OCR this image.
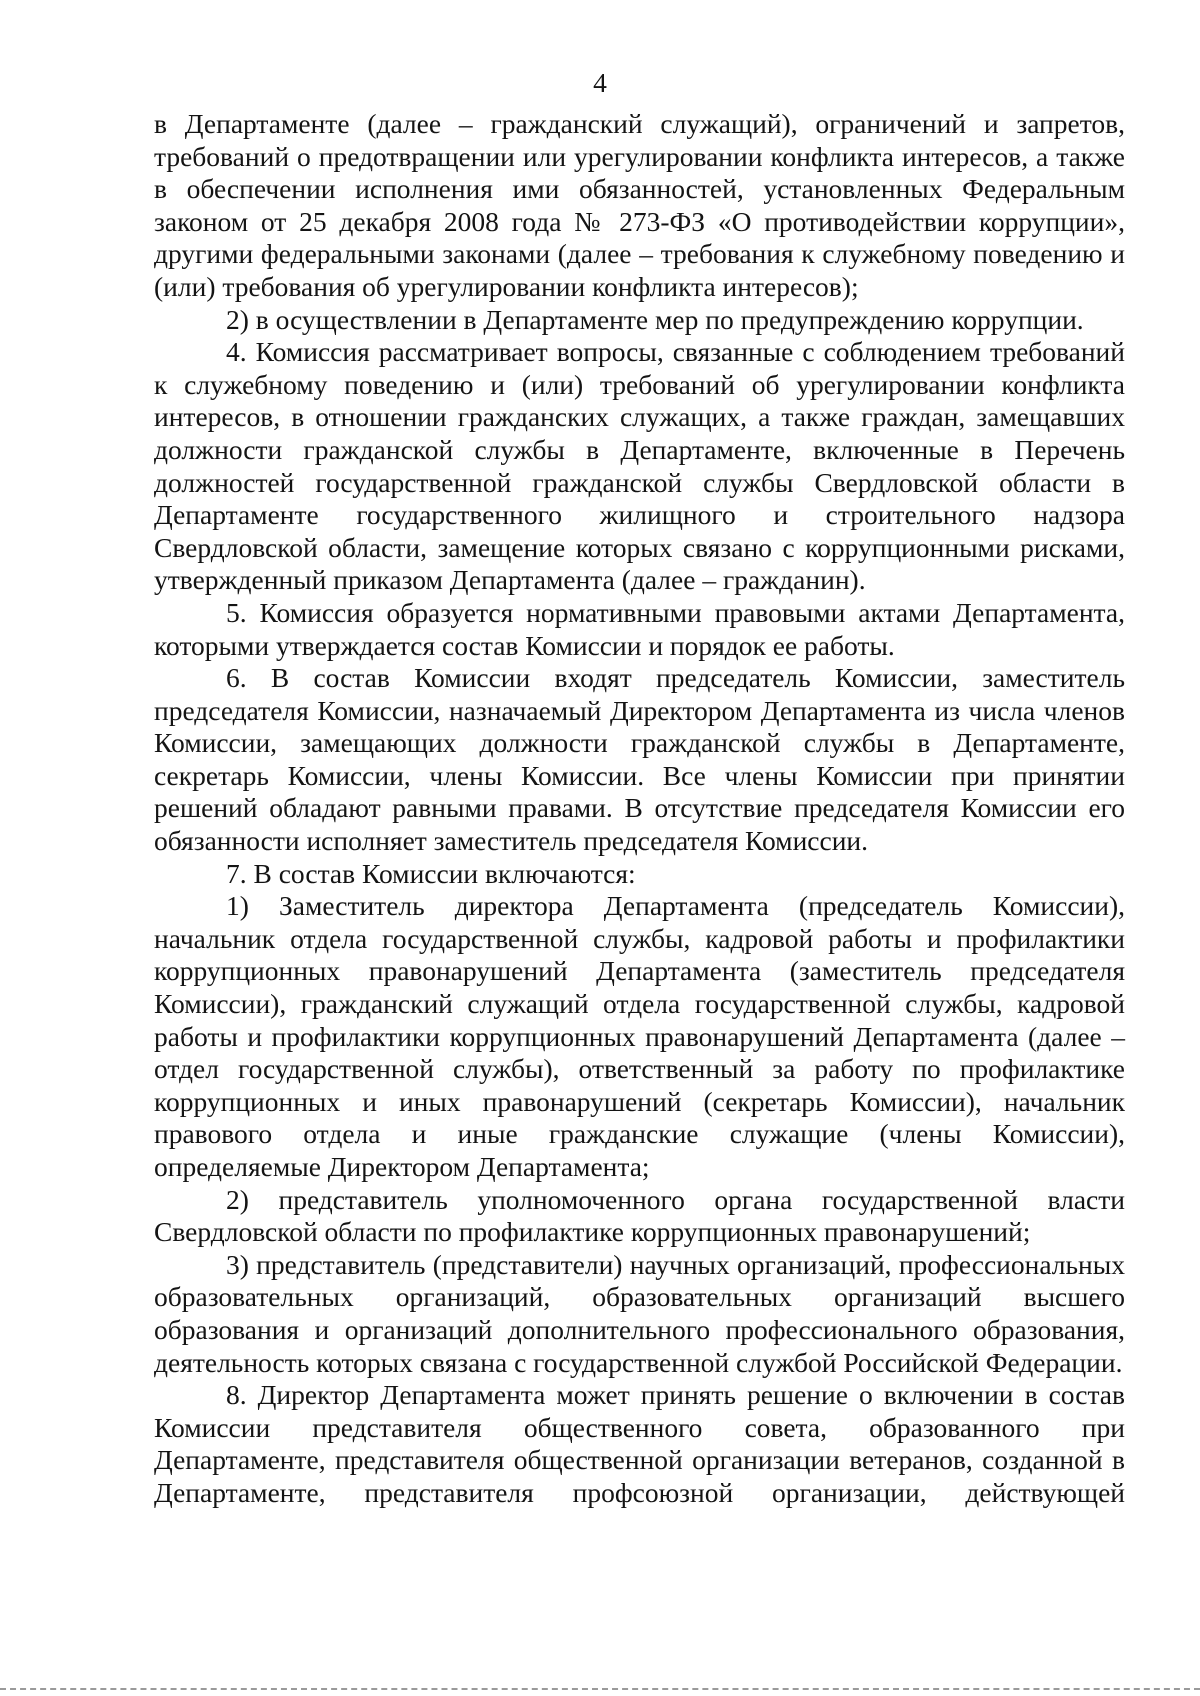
4

в Департаменте (далее – гражданский служащий), ограничений и запретов, требований о предотвращении или урегулировании конфликта интересов, а также в обеспечении исполнения ими обязанностей, установленных Федеральным законом от 25 декабря 2008 года № 273-ФЗ «О противодействии коррупции», другими федеральными законами (далее – требования к служебному поведению и (или) требования об урегулировании конфликта интересов);

2) в осуществлении в Департаменте мер по предупреждению коррупции.

4. Комиссия рассматривает вопросы, связанные с соблюдением требований к служебному поведению и (или) требований об урегулировании конфликта интересов, в отношении гражданских служащих, а также граждан, замещавших должности гражданской службы в Департаменте, включенные в Перечень должностей государственной гражданской службы Свердловской области в Департаменте государственного жилищного и строительного надзора Свердловской области, замещение которых связано с коррупционными рисками, утвержденный приказом Департамента (далее – гражданин).

5. Комиссия образуется нормативными правовыми актами Департамента, которыми утверждается состав Комиссии и порядок ее работы.

6. В состав Комиссии входят председатель Комиссии, заместитель председателя Комиссии, назначаемый Директором Департамента из числа членов Комиссии, замещающих должности гражданской службы в Департаменте, секретарь Комиссии, члены Комиссии. Все члены Комиссии при принятии решений обладают равными правами. В отсутствие председателя Комиссии его обязанности исполняет заместитель председателя Комиссии.

7. В состав Комиссии включаются:

1) Заместитель директора Департамента (председатель Комиссии), начальник отдела государственной службы, кадровой работы и профилактики коррупционных правонарушений Департамента (заместитель председателя Комиссии), гражданский служащий отдела государственной службы, кадровой работы и профилактики коррупционных правонарушений Департамента (далее – отдел государственной службы), ответственный за работу по профилактике коррупционных и иных правонарушений (секретарь Комиссии), начальник правового отдела и иные гражданские служащие (члены Комиссии), определяемые Директором Департамента;

2) представитель уполномоченного органа государственной власти Свердловской области по профилактике коррупционных правонарушений;

3) представитель (представители) научных организаций, профессиональных образовательных организаций, образовательных организаций высшего образования и организаций дополнительного профессионального образования, деятельность которых связана с государственной службой Российской Федерации.

8. Директор Департамента может принять решение о включении в состав Комиссии представителя общественного совета, образованного при Департаменте, представителя общественной организации ветеранов, созданной в Департаменте, представителя профсоюзной организации, действующей
